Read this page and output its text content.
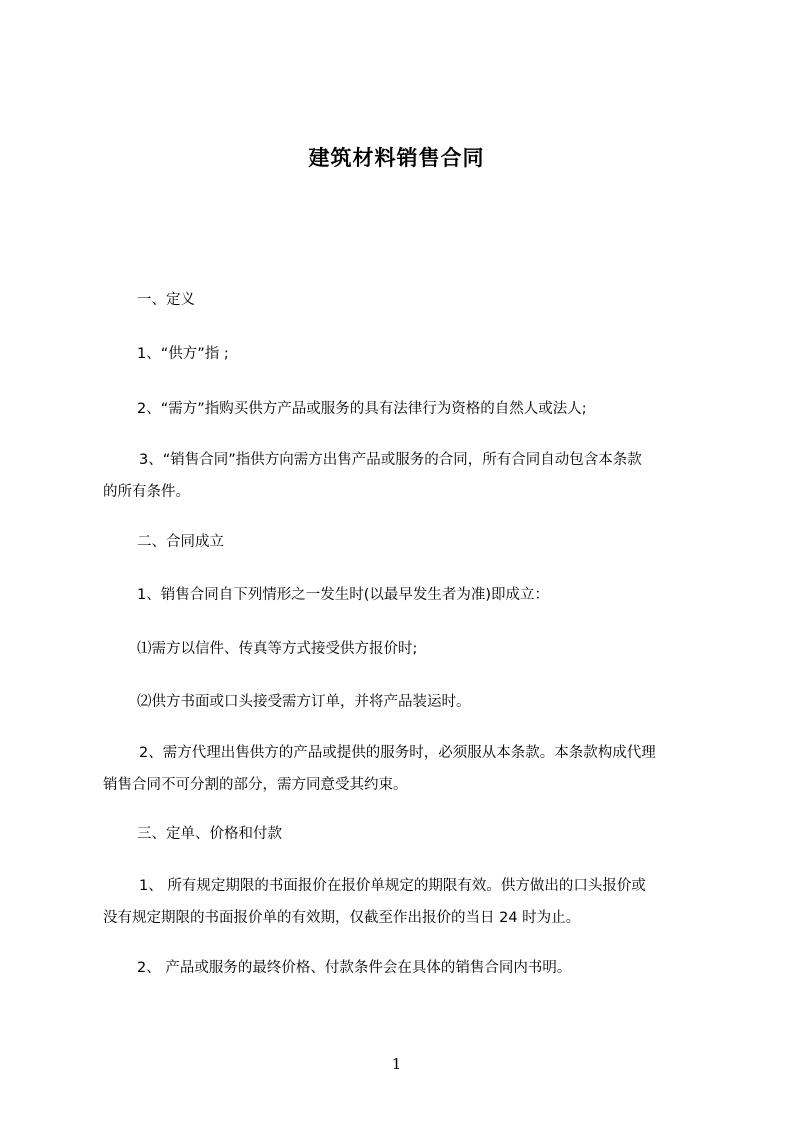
建筑材料销售合同
一、定义
1、“供方”指 ;
2、“需方”指购买供方产品或服务的具有法律行为资格的自然人或法人;
3、“销售合同”指供方向需方出售产品或服务的合同，所有合同自动包含本条款
的所有条件。
二、合同成立
1、销售合同自下列情形之一发生时(以最早发生者为准)即成立：
⑴需方以信件、传真等方式接受供方报价时;
⑵供方书面或口头接受需方订单，并将产品装运时。
2、需方代理出售供方的产品或提供的服务时，必须服从本条款。本条款构成代理
销售合同不可分割的部分，需方同意受其约束。
三、定单、价格和付款
1、 所有规定期限的书面报价在报价单规定的期限有效。供方做出的口头报价或
没有规定期限的书面报价单的有效期，仅截至作出报价的当日 24 时为止。
2、 产品或服务的最终价格、付款条件会在具体的销售合同内书明。
1
